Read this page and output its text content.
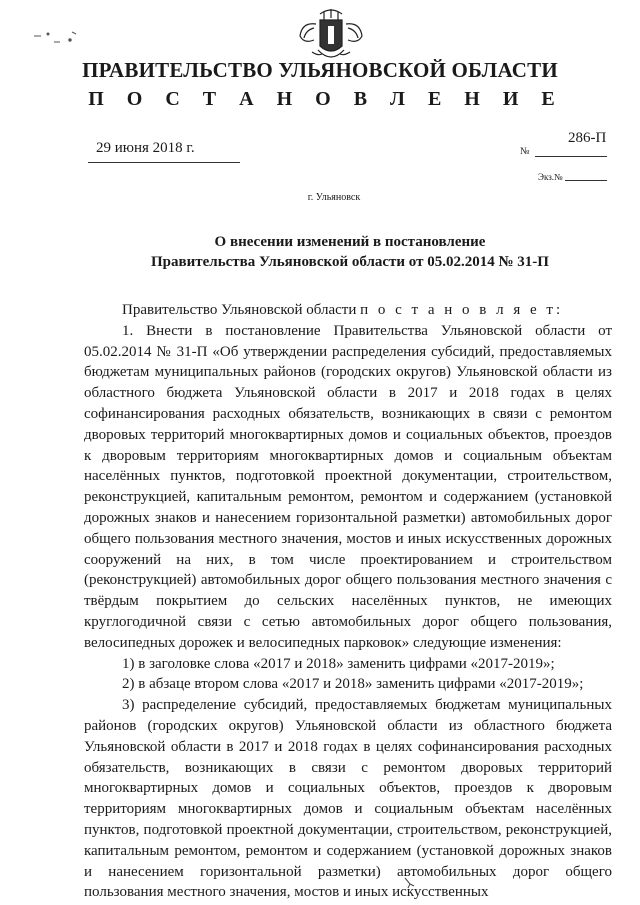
ПРАВИТЕЛЬСТВО УЛЬЯНОВСКОЙ ОБЛАСТИ
П О С Т А Н О В Л Е Н И Е
29 июня 2018 г.	№
286-П
Экз.№
г. Ульяновск
О внесении изменений в постановление
Правительства Ульяновской области от 05.02.2014 № 31-П

Правительство Ульяновской области п о с т а н о в л я е т:

1. Внести в постановление Правительства Ульяновской области от 05.02.2014 № 31-П «Об утверждении распределения субсидий, предоставляемых бюджетам муниципальных районов (городских округов) Ульяновской области из областного бюджета Ульяновской области в 2017 и 2018 годах в целях софинансирования расходных обязательств, возникающих в связи с ремонтом дворовых территорий многоквартирных домов и социальных объектов, проездов к дворовым территориям многоквартирных домов и социальным объектам населённых пунктов, подготовкой проектной документации, строительством, реконструкцией, капитальным ремонтом, ремонтом и содержанием (установкой дорожных знаков и нанесением горизонтальной разметки) автомобильных дорог общего пользования местного значения, мостов и иных искусственных дорожных сооружений на них, в том числе проектированием и строительством (реконструкцией) автомобильных дорог общего пользования местного значения с твёрдым покрытием до сельских населённых пунктов, не имеющих круглогодичной связи с сетью автомобильных дорог общего пользования, велосипедных дорожек и велосипедных парковок» следующие изменения:

1) в заголовке слова «2017 и 2018» заменить цифрами «2017-2019»;

2) в абзаце втором слова «2017 и 2018» заменить цифрами «2017-2019»;

3) распределение субсидий, предоставляемых бюджетам муниципальных районов (городских округов) Ульяновской области из областного бюджета Ульяновской области в 2017 и 2018 годах в целях софинансирования расходных обязательств, возникающих в связи с ремонтом дворовых территорий многоквартирных домов и социальных объектов, проездов к дворовым территориям многоквартирных домов и социальным объектам населённых пунктов, подготовкой проектной документации, строительством, реконструкцией, капитальным ремонтом, ремонтом и содержанием (установкой дорожных знаков и нанесением горизонтальной разметки) автомобильных дорог общего пользования местного значения, мостов и иных искусственных
